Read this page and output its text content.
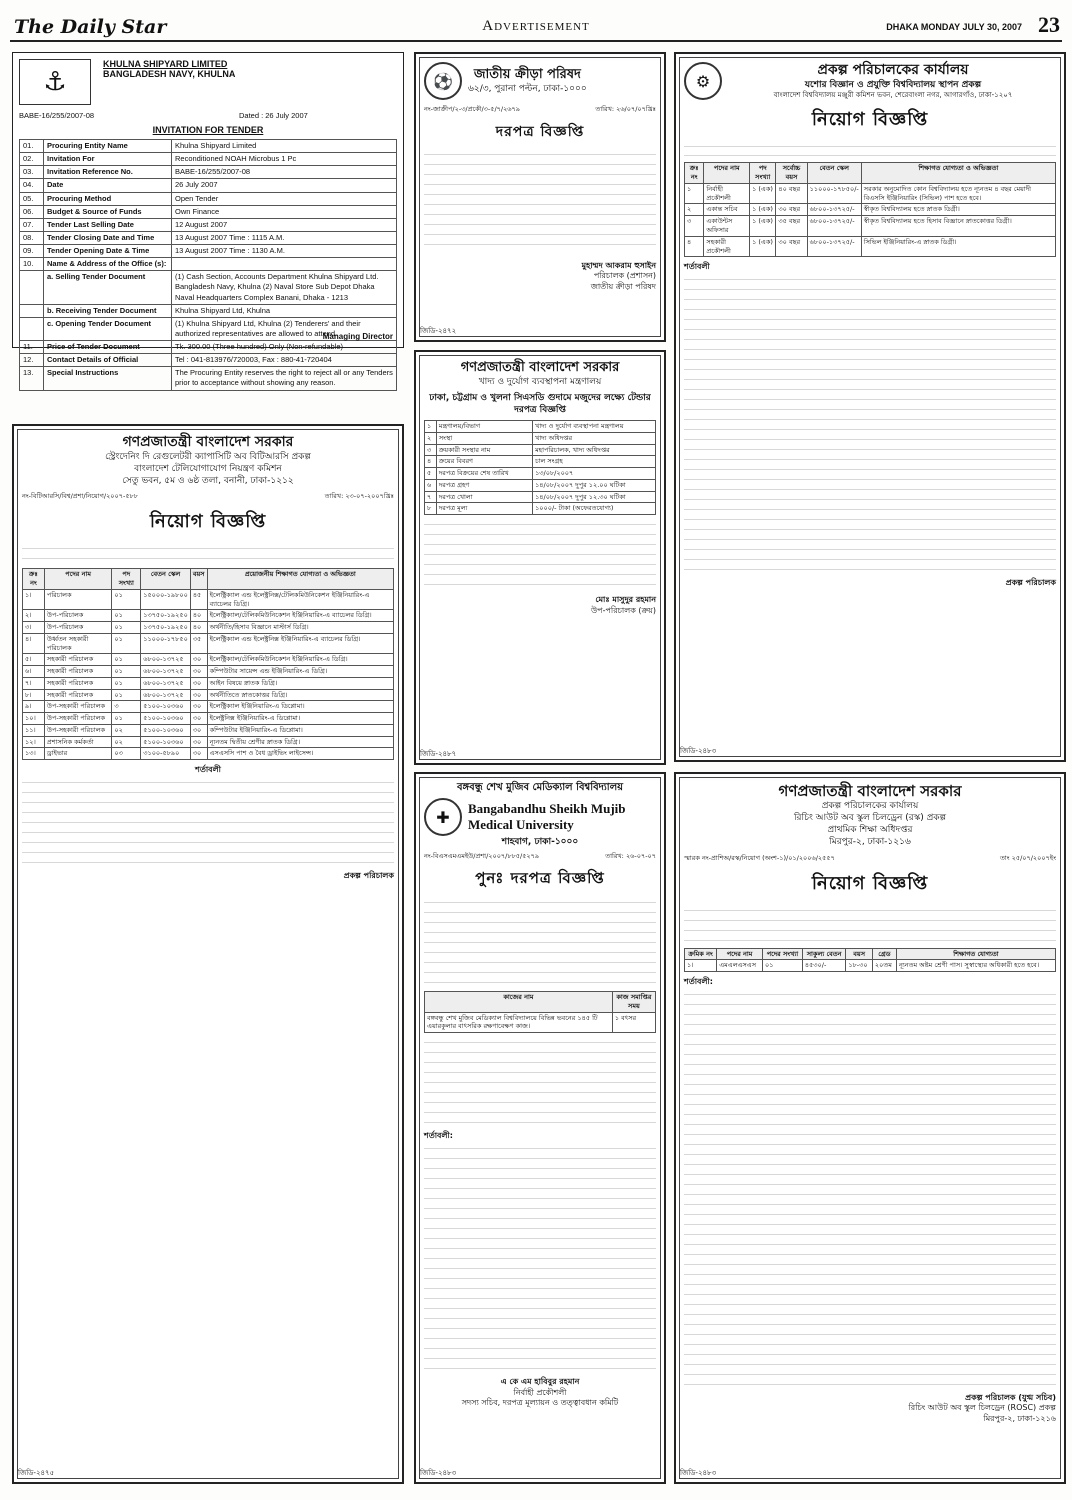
The Daily Star	Advertisement	DHAKA MONDAY JULY 30, 2007 23
⚓
KHULNA SHIPYARD LIMITED
BANGLADESH NAVY, KHULNA
BABE-16/255/2007-08	Dated : 26 July 2007
INVITATION FOR TENDER
01.	Procuring Entity Name	Khulna Shipyard Limited
02.	Invitation For	Reconditioned NOAH Microbus 1 Pc
03.	Invitation Reference No.	BABE-16/255/2007-08
04.	Date	26 July 2007
05.	Procuring Method	Open Tender
06.	Budget & Source of Funds	Own Finance
07.	Tender Last Selling Date	12 August 2007
08.	Tender Closing Date and Time	13 August 2007 Time : 1115 A.M.
09.	Tender Opening Date & Time	13 August 2007 Time : 1130 A.M.
10.	Name & Address of the Office (s):	
	a. Selling Tender Document	(1) Cash Section, Accounts Department Khulna Shipyard Ltd. Bangladesh Navy, Khulna (2) Naval Store Sub Depot Dhaka Naval Headquarters Complex Banani, Dhaka - 1213
	b. Receiving Tender Document	Khulna Shipyard Ltd, Khulna
	c. Opening Tender Document	(1) Khulna Shipyard Ltd, Khulna (2) Tenderers' and their authorized representatives are allowed to attend.
11.	Price of Tender Document	Tk. 300.00 (Three hundred) Only (Non-refundable)
12.	Contact Details of Official	Tel : 041-813976/720003, Fax : 880-41-720404
13.	Special Instructions	The Procuring Entity reserves the right to reject all or any Tenders prior to acceptance without showing any reason.
Managing Director
⚽	জাতীয় ক্রীড়া পরিষদ
৬২/৩, পুরানা পল্টন, ঢাকা-১০০০
নং-জাক্রীপ/২-৩/প্রকৌ/৩-৫/৭/২৬৭৯	তারিখ: ২৬/০৭/০৭খ্রিঃ
দরপত্র বিজ্ঞপ্তি
মুহাম্মদ আকরাম হুসাইন
পরিচালক (প্রশাসন)
জাতীয় ক্রীড়া পরিষদ
জিডি-২৪৭২
⚙
প্রকল্প পরিচালকের কার্যালয়
যশোর বিজ্ঞান ও প্রযুক্তি বিশ্ববিদ্যালয় স্থাপন প্রকল্প
বাংলাদেশ বিশ্ববিদ্যালয় মঞ্জুরী কমিশন ভবন, শেরেবাংলা নগর, আগারগাঁও, ঢাকা-১২০৭
নিয়োগ বিজ্ঞপ্তি
ক্রঃ নং	পদের নাম	পদ সংখ্যা	সর্বোচ্চ বয়স	বেতন স্কেল	শিক্ষাগত যোগ্যতা ও অভিজ্ঞতা
১	নির্বাহী প্রকৌশলী	১ (এক)	৪০ বছর	১১০০০-১৭৮৫০/-	সরকার অনুমোদিত কোন বিশ্ববিদ্যালয় হতে ন্যূনতম ৪ বছর মেয়াদী বিএসসি ইঞ্জিনিয়ারিং (সিভিল) পাশ হতে হবে।
২	একান্ত সচিব	১ (এক)	৩০ বছর	৬৮০০-১৩৭২৫/-	স্বীকৃত বিশ্ববিদ্যালয় হতে স্নাতক ডিগ্রী।
৩	একাউন্টস অফিসার	১ (এক)	৩৫ বছর	৬৮০০-১৩৭২৫/-	স্বীকৃত বিশ্ববিদ্যালয় হতে হিসাব বিজ্ঞানে স্নাতকোত্তর ডিগ্রী।
৪	সহকারী প্রকৌশলী	১ (এক)	৩০ বছর	৬৮০০-১৩৭২৫/-	সিভিল ইঞ্জিনিয়ারিং-এ স্নাতক ডিগ্রী।
শর্তাবলী
প্রকল্প পরিচালক
জিডি-২৪৮৩
গণপ্রজাতন্ত্রী বাংলাদেশ সরকার
খাদ্য ও দুর্যোগ ব্যবস্থাপনা মন্ত্রণালয়
ঢাকা, চট্টগ্রাম ও খুলনা সিএসডি গুদামে মজুদের লক্ষ্যে টেন্ডার দরপত্র বিজ্ঞপ্তি
১	মন্ত্রণালয়/বিভাগ	খাদ্য ও দুর্যোগ ব্যবস্থাপনা মন্ত্রণালয়
২	সংস্থা	খাদ্য অধিদপ্তর
৩	ক্রয়কারী সংস্থার নাম	মহাপরিচালক, খাদ্য অধিদপ্তর
৪	ক্রয়ের বিবরণ	চাল সংগ্রহ
৫	দরপত্র বিক্রয়ের শেষ তারিখ	১৩/০৮/২০০৭
৬	দরপত্র গ্রহণ	১৪/০৮/২০০৭ দুপুর ১২.০০ ঘটিকা
৭	দরপত্র খোলা	১৪/০৮/২০০৭ দুপুর ১২.৩০ ঘটিকা
৮	দরপত্র মূল্য	১০০০/- টাকা (অফেরতযোগ্য)
মোঃ মাসুদুর রহমান
উপ-পরিচালক (ক্রয়)
জিডি-২৪৮৭
গণপ্রজাতন্ত্রী বাংলাদেশ সরকার
স্ট্রেংদেনিং দি রেগুলেটরী ক্যাপাসিটি অব বিটিআরসি প্রকল্প
বাংলাদেশ টেলিযোগাযোগ নিয়ন্ত্রণ কমিশন
সেতু ভবন, ৫ম ও ৬ষ্ঠ তলা, বনানী, ঢাকা-১২১২
নং-বিটিআরসি/বিশ্ব/প্রশা/নিয়োগ/২০০৭-৫৮৮	তারিখ: ২৩-০৭-২০০৭খ্রিঃ
নিয়োগ বিজ্ঞপ্তি
ক্রঃ নং	পদের নাম	পদ সংখ্যা	বেতন স্কেল	বয়স	প্রয়োজনীয় শিক্ষাগত যোগ্যতা ও অভিজ্ঞতা
১।	পরিচালক	০১	১৫০০০-১৯৮০০	৪৫	ইলেক্ট্রিক্যাল এন্ড ইলেক্ট্রনিক্স/টেলিকমিউনিকেশন ইঞ্জিনিয়ারিং-এ ব্যাচেলর ডিগ্রি।
২।	উপ-পরিচালক	০১	১৩৭৫০-১৯২৫০	৪০	ইলেক্ট্রিক্যাল/টেলিকমিউনিকেশন ইঞ্জিনিয়ারিং-এ ব্যাচেলর ডিগ্রি।
৩।	উপ-পরিচালক	০১	১৩৭৫০-১৯২৫০	৪০	অর্থনীতি/হিসাব বিজ্ঞানে মাস্টার্স ডিগ্রি।
৪।	উর্ধ্বতন সহকারী পরিচালক	০১	১১০০০-১৭৮৫০	৩৫	ইলেক্ট্রিক্যাল এন্ড ইলেক্ট্রনিক্স ইঞ্জিনিয়ারিং-এ ব্যাচেলর ডিগ্রি।
৫।	সহকারী পরিচালক	০১	৬৮০০-১৩৭২৫	৩০	ইলেক্ট্রিক্যাল/টেলিকমিউনিকেশন ইঞ্জিনিয়ারিং-এ ডিগ্রি।
৬।	সহকারী পরিচালক	০১	৬৮০০-১৩৭২৫	৩০	কম্পিউটার সায়েন্স এন্ড ইঞ্জিনিয়ারিং-এ ডিগ্রি।
৭।	সহকারী পরিচালক	০১	৬৮০০-১৩৭২৫	৩০	আইন বিষয়ে স্নাতক ডিগ্রি।
৮।	সহকারী পরিচালক	০১	৬৮০০-১৩৭২৫	৩০	অর্থনীতিতে স্নাতকোত্তর ডিগ্রি।
৯।	উপ-সহকারী পরিচালক	৩	৫১০০-১০৩৬০	৩০	ইলেক্ট্রিক্যাল ইঞ্জিনিয়ারিং-এ ডিপ্লোমা।
১০।	উপ-সহকারী পরিচালক	০১	৫১০০-১০৩৬০	৩০	ইলেক্ট্রনিক্স ইঞ্জিনিয়ারিং-এ ডিপ্লোমা।
১১।	উপ-সহকারী পরিচালক	০২	৫১০০-১০৩৬০	৩০	কম্পিউটার ইঞ্জিনিয়ারিং-এ ডিপ্লোমা।
১২।	প্রশাসনিক কর্মকর্তা	০২	৫১০০-১০৩৬০	৩০	ন্যূনতম দ্বিতীয় শ্রেণীর স্নাতক ডিগ্রি।
১৩।	ড্রাইভার	০৩	৩১০০-৫৮৯০	৩০	এসএসসি পাশ ও বৈধ ড্রাইভিং লাইসেন্স।
শর্তাবলী
প্রকল্প পরিচালক
জিডি-২৪৭৫
বঙ্গবন্ধু শেখ মুজিব মেডিক্যাল বিশ্ববিদ্যালয়
✚	Bangabandhu Sheikh Mujib
Medical University
শাহবাগ, ঢাকা-১০০০
নং-বিএসএমএমইউ/প্রশা/২০০৭/৮৮৫/৫২৭৯	তারিখ: ২৬-০৭-০৭
পুনঃ দরপত্র বিজ্ঞপ্তি
কাজের নাম	কাজ সমাপ্তির সময়
বঙ্গবন্ধু শেখ মুজিব মেডিক্যাল বিশ্ববিদ্যালয়ে বিভিন্ন ভবনের ১৪৫ টি এয়ারকুলার বাৎসরিক রক্ষণাবেক্ষণ কাজ।	১ বৎসর
শর্তাবলী:
এ কে এম হাবিবুর রহমান
নির্বাহী প্রকৌশলী
সদস্য সচিব, দরপত্র মূল্যায়ন ও তত্ত্বাবধান কমিটি
জিডি-২৪৮৩
গণপ্রজাতন্ত্রী বাংলাদেশ সরকার
প্রকল্প পরিচালকের কার্যালয়
রিচিং আউট অব স্কুল চিলড্রেন (রস্ক) প্রকল্প
প্রাথমিক শিক্ষা অধিদপ্তর
মিরপুর-২, ঢাকা-১২১৬
স্মারক নং-প্রাশিঅ/রস্ক/নিয়োগ (অংশ-১)/০১/২০০৬/২৫৫৭	তাং ২৫/০৭/২০০৭ইং
নিয়োগ বিজ্ঞপ্তি
ক্রমিক নং	পদের নাম	পদের সংখ্যা	সাকুল্য বেতন	বয়স	গ্রেড	শিক্ষাগত যোগ্যতা
১।	এমএলএসএস	০১	৪৫৩০/-	১৮-৩০	২০তম	ন্যূনতম অষ্টম শ্রেণী পাস। সুস্বাস্থ্যের অধিকারী হতে হবে।
শর্তাবলী:
প্রকল্প পরিচালক (যুগ্ম সচিব)
রিচিং আউট অব স্কুল চিলড্রেন (ROSC) প্রকল্প
মিরপুর-২, ঢাকা-১২১৬
জিডি-২৪৮৩
